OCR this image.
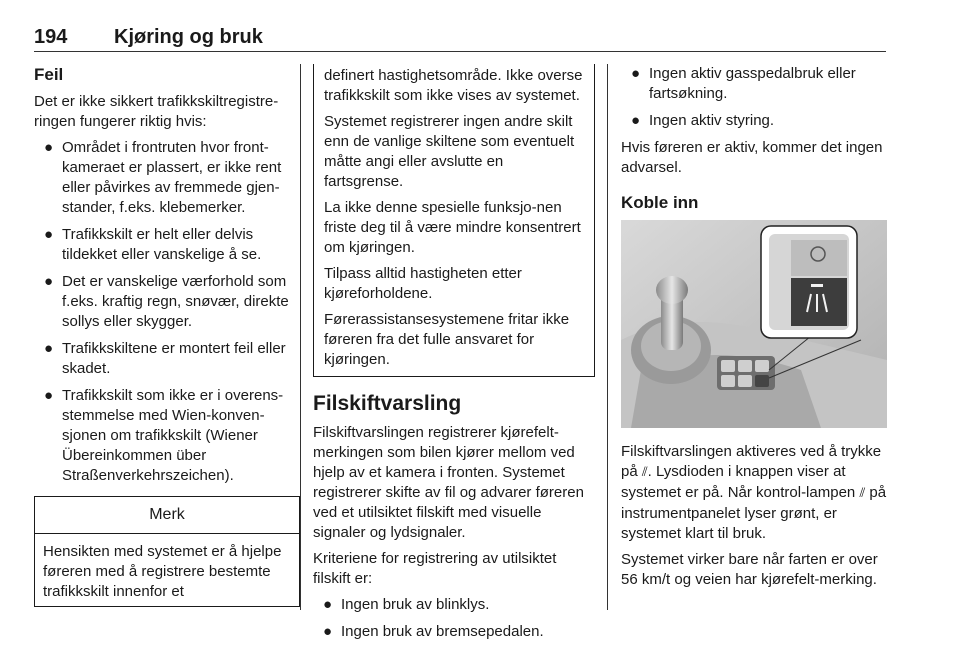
194 Kjøring og bruk
Feil

Det er ikke sikkert trafikkskiltregistre-ringen fungerer riktig hvis:

● Området i frontruten hvor front-kameraet er plassert, er ikke rent eller påvirkes av fremmede gjen-stander, f.eks. klebemerker.
● Trafikkskilt er helt eller delvis tildekket eller vanskelige å se.
● Det er vanskelige værforhold som f.eks. kraftig regn, snøvær, direkte sollys eller skygger.
● Trafikkskiltene er montert feil eller skadet.
● Trafikkskilt som ikke er i overens-stemmelse med Wien-konven-sjonen om trafikkskilt (Wiener Übereinkommen über Straßenverkehrszeichen).
Merk
Hensikten med systemet er å hjelpe føreren med å registrere bestemte trafikkskilt innenfor et

definert hastighetsområde. Ikke overse trafikkskilt som ikke vises av systemet.

Systemet registrerer ingen andre skilt enn de vanlige skiltene som eventuelt måtte angi eller avslutte en fartsgrense.

La ikke denne spesielle funksjo-nen friste deg til å være mindre konsentrert om kjøringen.

Tilpass alltid hastigheten etter kjøreforholdene.

Førerassistansesystemene fritar ikke føreren fra det fulle ansvaret for kjøringen.

Filskiftvarsling

Filskiftvarslingen registrerer kjørefelt-merkingen som bilen kjører mellom ved hjelp av et kamera i fronten. Systemet registrerer skifte av fil og advarer føreren ved et utilsiktet filskift med visuelle signaler og lydsignaler.

Kriteriene for registrering av utilsiktet filskift er:

● Ingen bruk av blinklys.
● Ingen bruk av bremsepedalen.
● Ingen aktiv gasspedalbruk eller fartsøkning.
● Ingen aktiv styring.

Hvis føreren er aktiv, kommer det ingen advarsel.

Koble inn

Filskiftvarslingen aktiveres ved å trykke på ⫽. Lysdioden i knappen viser at systemet er på. Når kontrol-lampen ⫽ på instrumentpanelet lyser grønt, er systemet klart til bruk.

Systemet virker bare når farten er over 56 km/t og veien har kjørefelt-merking.
